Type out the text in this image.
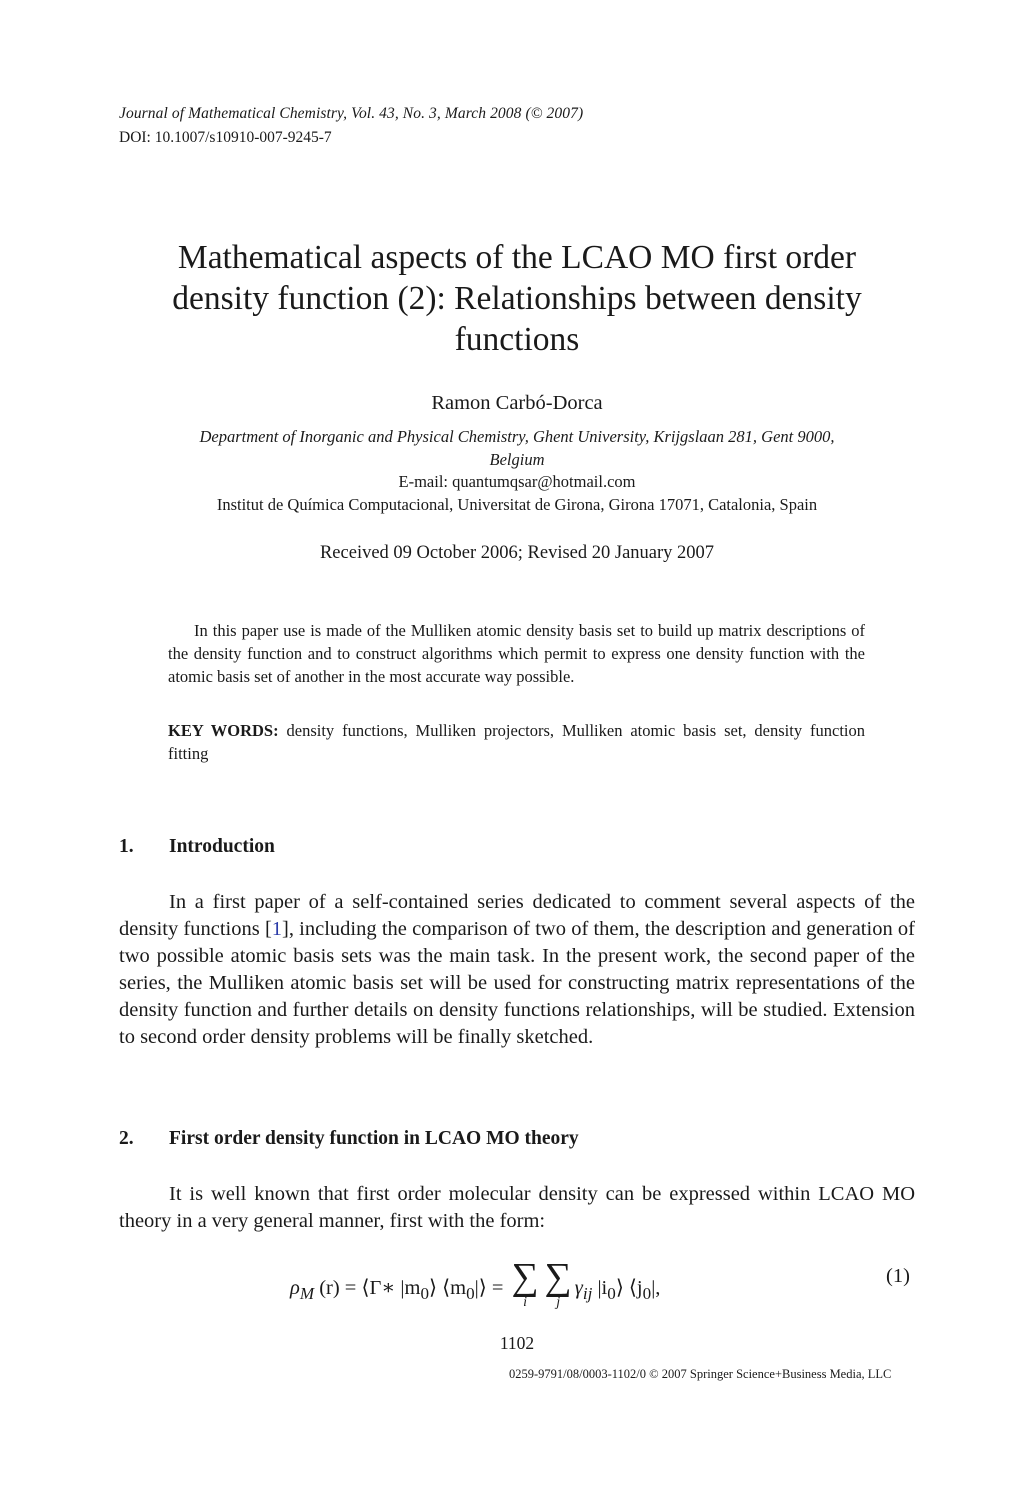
Journal of Mathematical Chemistry, Vol. 43, No. 3, March 2008 (© 2007)
DOI: 10.1007/s10910-007-9245-7
Mathematical aspects of the LCAO MO first order
density function (2): Relationships between density
functions
Ramon Carbó-Dorca
Department of Inorganic and Physical Chemistry, Ghent University, Krijgslaan 281, Gent 9000,
Belgium
E-mail: quantumqsar@hotmail.com
Institut de Química Computacional, Universitat de Girona, Girona 17071, Catalonia, Spain
Received 09 October 2006; Revised 20 January 2007
In this paper use is made of the Mulliken atomic density basis set to build up matrix descriptions of the density function and to construct algorithms which permit to express one density function with the atomic basis set of another in the most accurate way possible.
KEY WORDS: density functions, Mulliken projectors, Mulliken atomic basis set, density function fitting
1. Introduction
In a first paper of a self-contained series dedicated to comment several aspects of the density functions [1], including the comparison of two of them, the description and generation of two possible atomic basis sets was the main task. In the present work, the second paper of the series, the Mulliken atomic basis set will be used for constructing matrix representations of the density function and further details on density functions relationships, will be studied. Extension to second order density problems will be finally sketched.
2. First order density function in LCAO MO theory
It is well known that first order molecular density can be expressed within LCAO MO theory in a very general manner, first with the form:
$\rho_M$ (r) = ⟨Γ∗ $|m_0⟩$ $⟨m_0|⟩$ = ∑
i
∑
j
$\gamma_{ij}$ $|i_0⟩$ $⟨j_0|$,
(1)
1102
0259-9791/08/0003-1102/0 © 2007 Springer Science+Business Media, LLC
